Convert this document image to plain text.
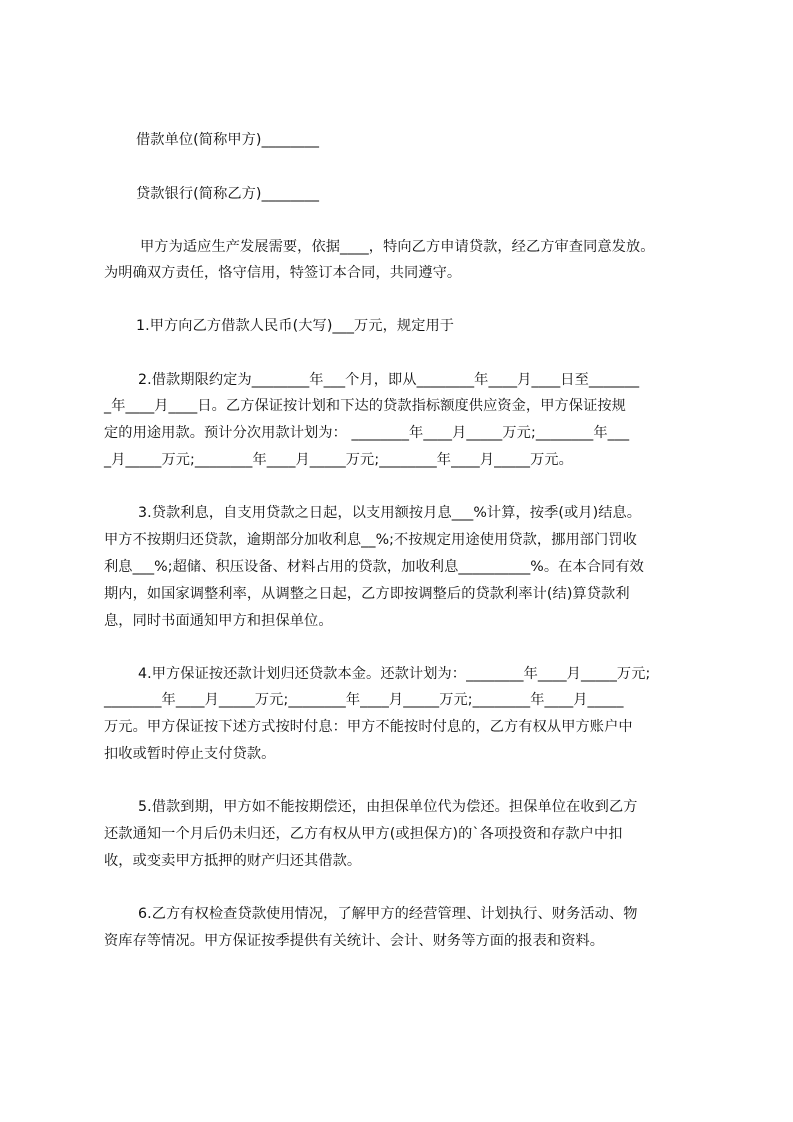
借款单位(简称甲方)________
贷款银行(简称乙方)________
甲方为适应生产发展需要，依据____，特向乙方申请贷款，经乙方审查同意发放。
为明确双方责任，恪守信用，特签订本合同，共同遵守。
1.甲方向乙方借款人民币(大写)___万元，规定用于
2.借款期限约定为________年___个月，即从________年____月____日至_______
_年____月____日。乙方保证按计划和下达的贷款指标额度供应资金，甲方保证按规
定的用途用款。预计分次用款计划为： ________年____月_____万元;________年___
_月_____万元;________年____月_____万元;________年____月_____万元。
3.贷款利息，自支用贷款之日起，以支用额按月息___%计算，按季(或月)结息。
甲方不按期归还贷款，逾期部分加收利息__%;不按规定用途使用贷款，挪用部门罚收
利息___%;超储、积压设备、材料占用的贷款，加收利息__________%。在本合同有效
期内，如国家调整利率，从调整之日起，乙方即按调整后的贷款利率计(结)算贷款利
息，同时书面通知甲方和担保单位。
4.甲方保证按还款计划归还贷款本金。还款计划为：________年____月_____万元;
________年____月_____万元;________年____月_____万元;________年____月_____
万元。甲方保证按下述方式按时付息：甲方不能按时付息的，乙方有权从甲方账户中
扣收或暂时停止支付贷款。
5.借款到期，甲方如不能按期偿还，由担保单位代为偿还。担保单位在收到乙方
还款通知一个月后仍未归还，乙方有权从甲方(或担保方)的`各项投资和存款户中扣
收，或变卖甲方抵押的财产归还其借款。
6.乙方有权检查贷款使用情况，了解甲方的经营管理、计划执行、财务活动、物
资库存等情况。甲方保证按季提供有关统计、会计、财务等方面的报表和资料。
